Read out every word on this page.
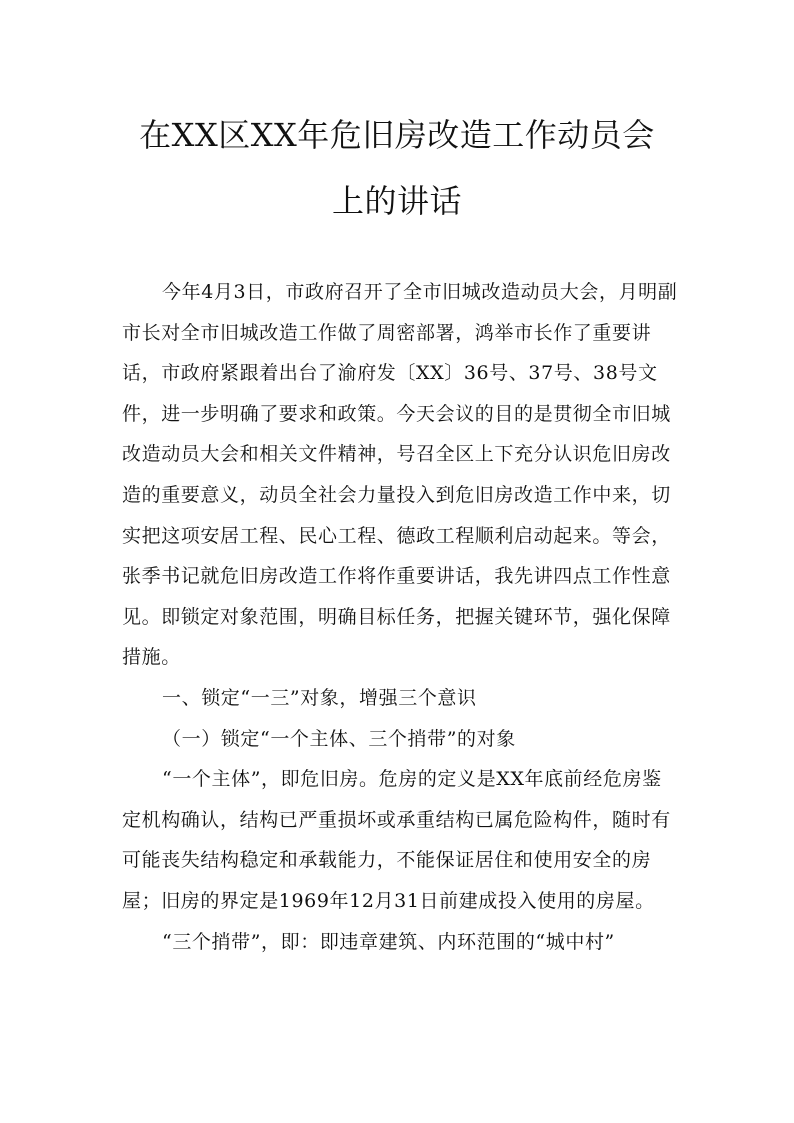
在XX区XX年危旧房改造工作动员会
上的讲话

今年4月3日，市政府召开了全市旧城改造动员大会，月明副市长对全市旧城改造工作做了周密部署，鸿举市长作了重要讲话，市政府紧跟着出台了渝府发〔XX〕36号、37号、38号文件，进一步明确了要求和政策。今天会议的目的是贯彻全市旧城改造动员大会和相关文件精神，号召全区上下充分认识危旧房改造的重要意义，动员全社会力量投入到危旧房改造工作中来，切实把这项安居工程、民心工程、德政工程顺利启动起来。等会，张季书记就危旧房改造工作将作重要讲话，我先讲四点工作性意见。即锁定对象范围，明确目标任务，把握关键环节，强化保障措施。

一、锁定“一三”对象，增强三个意识

（一）锁定“一个主体、三个捎带”的对象

“一个主体”，即危旧房。危房的定义是XX年底前经危房鉴定机构确认，结构已严重损坏或承重结构已属危险构件，随时有可能丧失结构稳定和承载能力，不能保证居住和使用安全的房屋；旧房的界定是1969年12月31日前建成投入使用的房屋。

“三个捎带”，即：即违章建筑、内环范围的“城中村”
